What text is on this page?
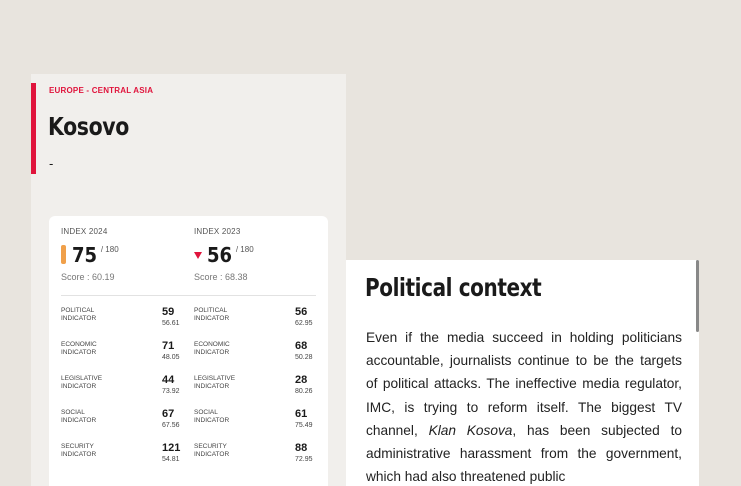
EUROPE - CENTRAL ASIA
Kosovo
-
INDEX 2024
75 / 180
Score : 60.19
POLITICAL INDICATOR
59
56.61
ECONOMIC INDICATOR
71
48.05
LEGISLATIVE INDICATOR
44
73.92
SOCIAL INDICATOR
67
67.56
SECURITY INDICATOR
121
54.81
INDEX 2023
56 / 180
Score : 68.38
POLITICAL INDICATOR
56
62.95
ECONOMIC INDICATOR
68
50.28
LEGISLATIVE INDICATOR
28
80.26
SOCIAL INDICATOR
61
75.49
SECURITY INDICATOR
88
72.95
Political context
Even if the media succeed in holding politicians accountable, journalists continue to be the targets of political attacks. The ineffective media regulator, IMC, is trying to reform itself. The biggest TV channel, Klan Kosova, has been subjected to administrative harassment from the government, which had also threatened public
